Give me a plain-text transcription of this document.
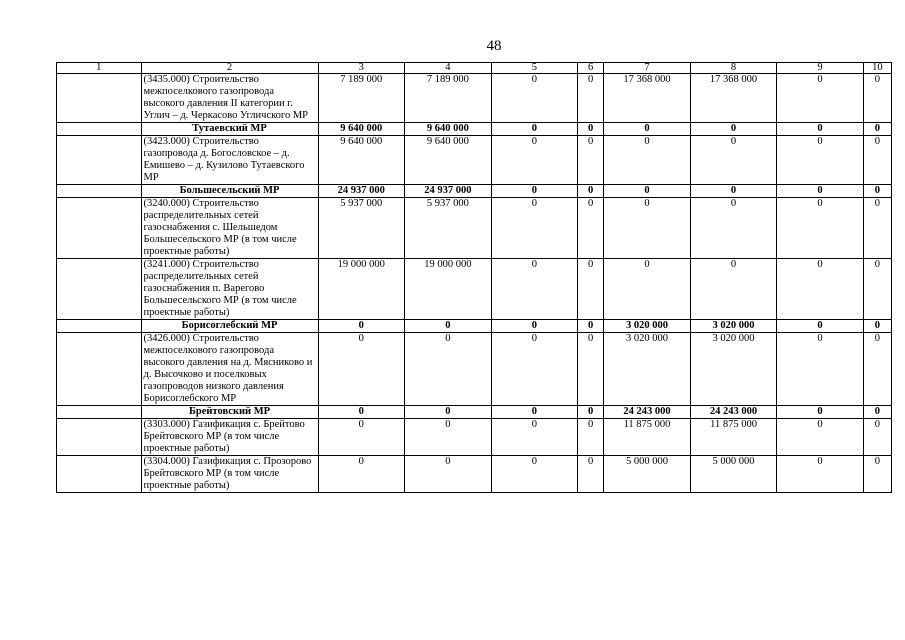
48
1	2	3	4	5	6	7	8	9	10
	(3435.000) Строительство межпоселкового газопровода высокого давления II категории г. Углич – д. Черкасово Угличского МР	7 189 000	7 189 000	0	0	17 368 000	17 368 000	0	0
	Тутаевский МР	9 640 000	9 640 000	0	0	0	0	0	0
	(3423.000) Строительство газопровода д. Богословское – д. Емишево – д. Кузилово Тутаевского МР	9 640 000	9 640 000	0	0	0	0	0	0
	Большесельский МР	24 937 000	24 937 000	0	0	0	0	0	0
	(3240.000) Строительство распределительных сетей газоснабжения с. Шельшедом Большесельского МР (в том числе проектные работы)	5 937 000	5 937 000	0	0	0	0	0	0
	(3241.000) Строительство распределительных сетей газоснабжения п. Варегово Большесельского МР (в том числе проектные работы)	19 000 000	19 000 000	0	0	0	0	0	0
	Борисоглебский МР	0	0	0	0	3 020 000	3 020 000	0	0
	(3426.000) Строительство межпоселкового газопровода высокого давления на д. Мясниково и д. Высочково и поселковых газопроводов низкого давления Борисоглебского МР	0	0	0	0	3 020 000	3 020 000	0	0
	Брейтовский МР	0	0	0	0	24 243 000	24 243 000	0	0
	(3303.000) Газификация с. Брейтово Брейтовского МР (в том числе проектные работы)	0	0	0	0	11 875 000	11 875 000	0	0
	(3304.000) Газификация с. Прозорово Брейтовского МР (в том числе проектные работы)	0	0	0	0	5 000 000	5 000 000	0	0
